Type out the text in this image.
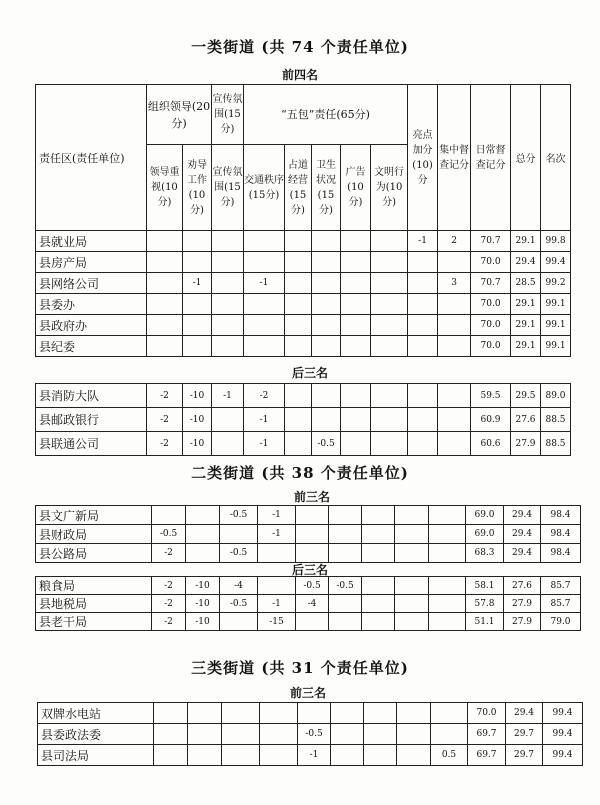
一类街道 (共 74 个责任单位)
前四名
责任区(责任单位)	组织领导(20分)		宣传氛围(15分)	“五包”责任(65分)					亮点加分(10)分	集中督查记分	日常督查记分	总分	名次	
	领导重视(10分)	劝导工作(10分)	宣传氛围(15分)	交通秩序(15分)	占道经营(15分)	卫生状况(15分)	广告(10分)	文明行为(10分)						
县就业局									-1	2	70.7	29.1	99.8	
县房产局											70.0	29.4	99.4	
县网络公司		-1		-1						3	70.7	28.5	99.2	
县委办											70.0	29.1	99.1	
县政府办											70.0	29.1	99.1	
县纪委											70.0	29.1	99.1	
后三名
县消防大队	-2	-10	-1	-2							59.5	29.5	89.0	
县邮政银行	-2	-10		-1							60.9	27.6	88.5	
县联通公司	-2	-10		-1		-0.5					60.6	27.9	88.5	
二类街道 (共 38 个责任单位)
前三名
县文广新局			-0.5	-1						69.0	29.4	98.4	
县财政局	-0.5			-1						69.0	29.4	98.4	
县公路局	-2		-0.5							68.3	29.4	98.4	
后三名
粮食局	-2	-10	-4		-0.5	-0.5				58.1	27.6	85.7	
县地税局	-2	-10	-0.5	-1	-4					57.8	27.9	85.7	
县老干局	-2	-10		-15						51.1	27.9	79.0	
三类街道 (共 31 个责任单位)
前三名
双牌水电站										70.0	29.4	99.4	
县委政法委					-0.5					69.7	29.7	99.4	
县司法局					-1				0.5	69.7	29.7	99.4	
